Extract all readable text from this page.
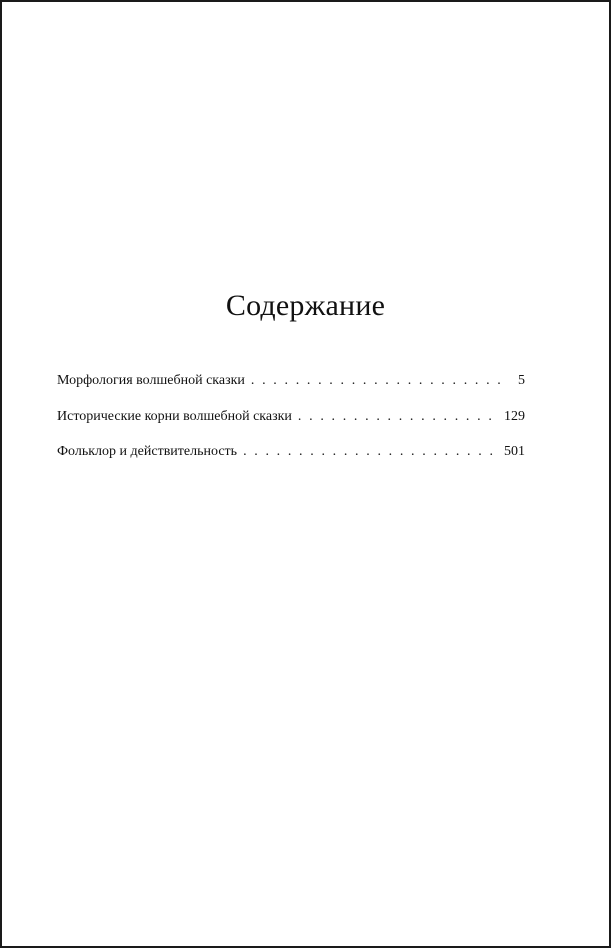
Содержание
Морфология волшебной сказки . . .	5
Исторические корни волшебной сказки . . .	129
Фольклор и действительность . . .	501
